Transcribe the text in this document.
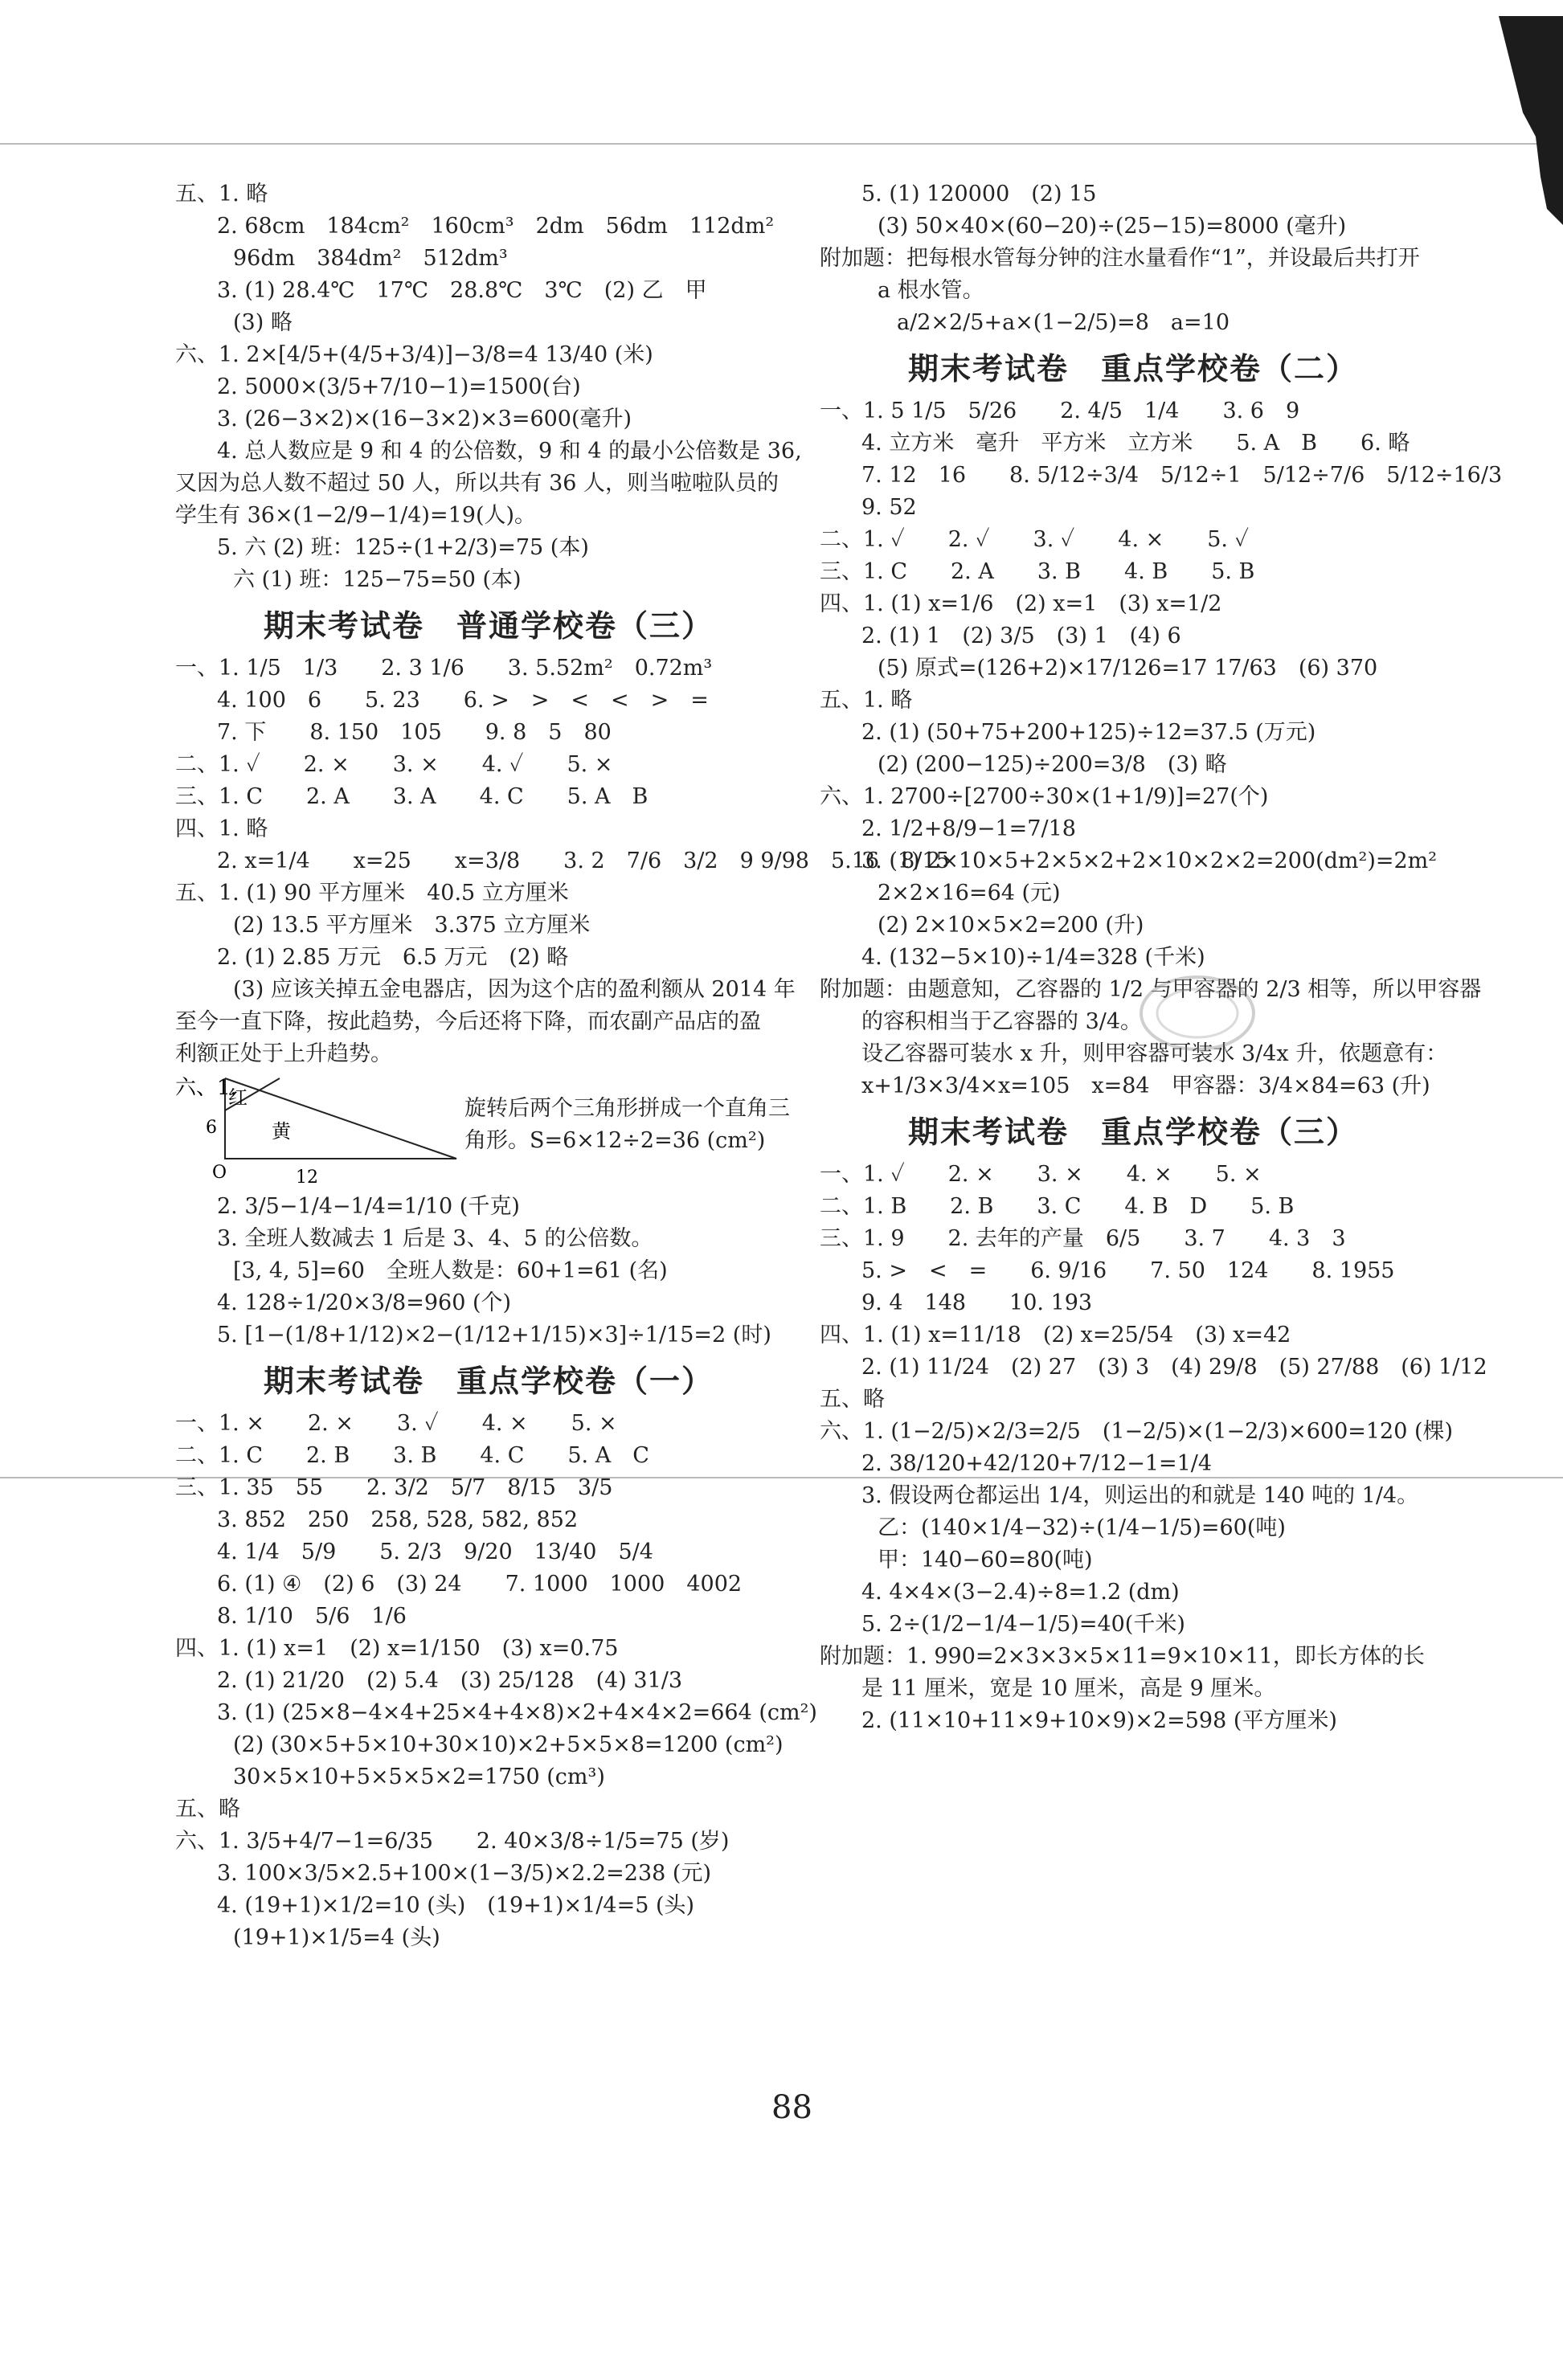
五、1. 略
2. 68cm　184cm²　160cm³　2dm　56dm　112dm²
96dm　384dm²　512dm³
3. (1) 28.4℃　17℃　28.8℃　3℃　(2) 乙　甲
(3) 略
六、1. 2×[4/5+(4/5+3/4)]−3/8=4 13/40 (米)
2. 5000×(3/5+7/10−1)=1500(台)
3. (26−3×2)×(16−3×2)×3=600(毫升)
4. 总人数应是 9 和 4 的公倍数，9 和 4 的最小公倍数是 36,
又因为总人数不超过 50 人，所以共有 36 人，则当啦啦队员的
学生有 36×(1−2/9−1/4)=19(人)。
5. 六 (2) 班：125÷(1+2/3)=75 (本)
六 (1) 班：125−75=50 (本)
期末考试卷　普通学校卷（三）
一、1. 1/5　1/3　　2. 3 1/6　　3. 5.52m²　0.72m³
4. 100　6　　5. 23　　6. >　>　<　<　>　=
7. 下　　8. 150　105　　9. 8　5　80
二、1. ✓　　2. ×　　3. ×　　4. ✓　　5. ×
三、1. C　　2. A　　3. A　　4. C　　5. A　B
四、1. 略
2. x=1/4　　x=25　　x=3/8　　3. 2　7/6　3/2　9 9/98　5.16　8/15
五、1. (1) 90 平方厘米　40.5 立方厘米
(2) 13.5 平方厘米　3.375 立方厘米
2. (1) 2.85 万元　6.5 万元　(2) 略
(3) 应该关掉五金电器店，因为这个店的盈利额从 2014 年
至今一直下降，按此趋势，今后还将下降，而农副产品店的盈
利额正处于上升趋势。
六、1.
红
黄
6
12
O
旋转后两个三角形拼成一个直角三角形。S=6×12÷2=36 (cm²)
2. 3/5−1/4−1/4=1/10 (千克)
3. 全班人数减去 1 后是 3、4、5 的公倍数。
[3, 4, 5]=60　全班人数是：60+1=61 (名)
4. 128÷1/20×3/8=960 (个)
5. [1−(1/8+1/12)×2−(1/12+1/15)×3]÷1/15=2 (时)
期末考试卷　重点学校卷（一）
一、1. ×　　2. ×　　3. ✓　　4. ×　　5. ×
二、1. C　　2. B　　3. B　　4. C　　5. A　C
三、1. 35　55　　2. 3/2　5/7　8/15　3/5
3. 852　250　258, 528, 582, 852
4. 1/4　5/9　　5. 2/3　9/20　13/40　5/4
6. (1) ④　(2) 6　(3) 24　　7. 1000　1000　4002
8. 1/10　5/6　1/6
四、1. (1) x=1　(2) x=1/150　(3) x=0.75
2. (1) 21/20　(2) 5.4　(3) 25/128　(4) 31/3
3. (1) (25×8−4×4+25×4+4×8)×2+4×4×2=664 (cm²)
(2) (30×5+5×10+30×10)×2+5×5×8=1200 (cm²)
30×5×10+5×5×5×2=1750 (cm³)
五、略
六、1. 3/5+4/7−1=6/35　　2. 40×3/8÷1/5=75 (岁)
3. 100×3/5×2.5+100×(1−3/5)×2.2=238 (元)
4. (19+1)×1/2=10 (头)　(19+1)×1/4=5 (头)
(19+1)×1/5=4 (头)
5. (1) 120000　(2) 15
(3) 50×40×(60−20)÷(25−15)=8000 (毫升)
附加题：把每根水管每分钟的注水量看作“1”，并设最后共打开
a 根水管。
a/2×2/5+a×(1−2/5)=8　a=10
期末考试卷　重点学校卷（二）
一、1. 5 1/5　5/26　　2. 4/5　1/4　　3. 6　9
4. 立方米　毫升　平方米　立方米　　5. A　B　　6. 略
7. 12　16　　8. 5/12÷3/4　5/12÷1　5/12÷7/6　5/12÷16/3
9. 52
二、1. ✓　　2. ✓　　3. ✓　　4. ×　　5. ✓
三、1. C　　2. A　　3. B　　4. B　　5. B
四、1. (1) x=1/6　(2) x=1　(3) x=1/2
2. (1) 1　(2) 3/5　(3) 1　(4) 6
(5) 原式=(126+2)×17/126=17 17/63　(6) 370
五、1. 略
2. (1) (50+75+200+125)÷12=37.5 (万元)
(2) (200−125)÷200=3/8　(3) 略
六、1. 2700÷[2700÷30×(1+1/9)]=27(个)
2. 1/2+8/9−1=7/18
3. (1) 2×10×5+2×5×2+2×10×2×2=200(dm²)=2m²
2×2×16=64 (元)
(2) 2×10×5×2=200 (升)
4. (132−5×10)÷1/4=328 (千米)
附加题：由题意知，乙容器的 1/2 与甲容器的 2/3 相等，所以甲容器
的容积相当于乙容器的 3/4。
设乙容器可装水 x 升，则甲容器可装水 3/4x 升，依题意有：
x+1/3×3/4×x=105　x=84　甲容器：3/4×84=63 (升)
期末考试卷　重点学校卷（三）
一、1. ✓　　2. ×　　3. ×　　4. ×　　5. ×
二、1. B　　2. B　　3. C　　4. B　D　　5. B
三、1. 9　　2. 去年的产量　6/5　　3. 7　　4. 3　3
5. >　<　=　　6. 9/16　　7. 50　124　　8. 1955
9. 4　148　　10. 193
四、1. (1) x=11/18　(2) x=25/54　(3) x=42
2. (1) 11/24　(2) 27　(3) 3　(4) 29/8　(5) 27/88　(6) 1/12
五、略
六、1. (1−2/5)×2/3=2/5　(1−2/5)×(1−2/3)×600=120 (棵)
2. 38/120+42/120+7/12−1=1/4
3. 假设两仓都运出 1/4，则运出的和就是 140 吨的 1/4。
乙：(140×1/4−32)÷(1/4−1/5)=60(吨)
甲：140−60=80(吨)
4. 4×4×(3−2.4)÷8=1.2 (dm)
5. 2÷(1/2−1/4−1/5)=40(千米)
附加题：1. 990=2×3×3×5×11=9×10×11，即长方体的长
是 11 厘米，宽是 10 厘米，高是 9 厘米。
2. (11×10+11×9+10×9)×2=598 (平方厘米)
88
